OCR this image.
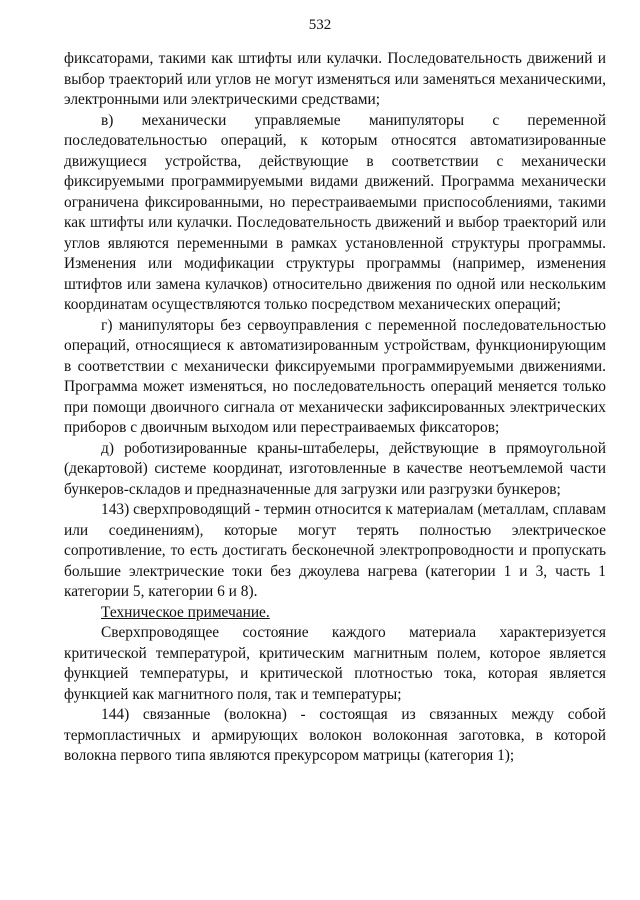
532

фиксаторами, такими как штифты или кулачки. Последовательность движений и выбор траекторий или углов не могут изменяться или заменяться механическими, электронными или электрическими средствами;

в) механически управляемые манипуляторы с переменной последовательностью операций, к которым относятся автоматизированные движущиеся устройства, действующие в соответствии с механически фиксируемыми программируемыми видами движений. Программа механически ограничена фиксированными, но перестраиваемыми приспособлениями, такими как штифты или кулачки. Последовательность движений и выбор траекторий или углов являются переменными в рамках установленной структуры программы. Изменения или модификации структуры программы (например, изменения штифтов или замена кулачков) относительно движения по одной или нескольким координатам осуществляются только посредством механических операций;

г) манипуляторы без сервоуправления с переменной последовательностью операций, относящиеся к автоматизированным устройствам, функционирующим в соответствии с механически фиксируемыми программируемыми движениями. Программа может изменяться, но последовательность операций меняется только при помощи двоичного сигнала от механически зафиксированных электрических приборов с двоичным выходом или перестраиваемых фиксаторов;

д) роботизированные краны-штабелеры, действующие в прямоугольной (декартовой) системе координат, изготовленные в качестве неотъемлемой части бункеров-складов и предназначенные для загрузки или разгрузки бункеров;

143) сверхпроводящий - термин относится к материалам (металлам, сплавам или соединениям), которые могут терять полностью электрическое сопротивление, то есть достигать бесконечной электропроводности и пропускать большие электрические токи без джоулева нагрева (категории 1 и 3, часть 1 категории 5, категории 6 и 8).

Техническое примечание.

Сверхпроводящее состояние каждого материала характеризуется критической температурой, критическим магнитным полем, которое является функцией температуры, и критической плотностью тока, которая является функцией как магнитного поля, так и температуры;

144) связанные (волокна) - состоящая из связанных между собой термопластичных и армирующих волокон волоконная заготовка, в которой волокна первого типа являются прекурсором матрицы (категория 1);
